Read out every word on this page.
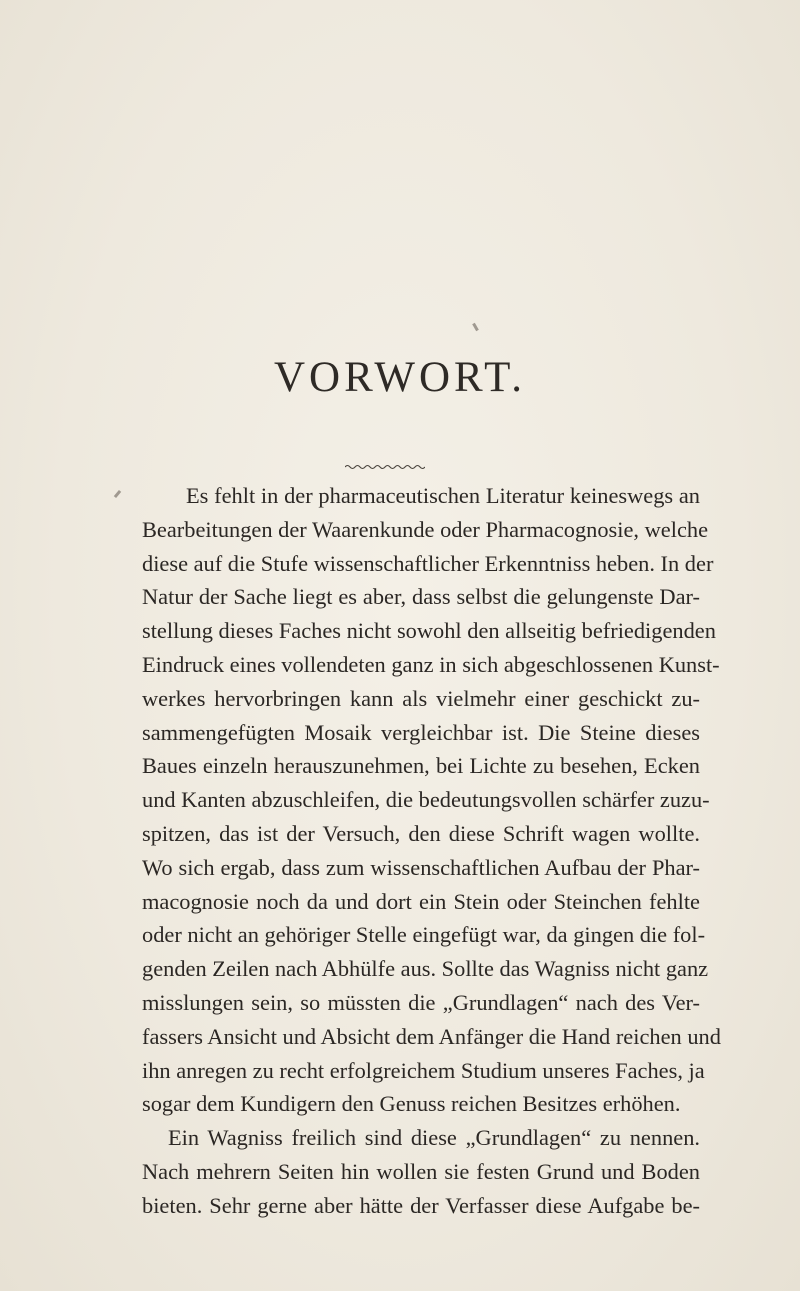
VORWORT.
Es fehlt in der pharmaceutischen Literatur keineswegs an
Bearbeitungen der Waarenkunde oder Pharmacognosie, welche
diese auf die Stufe wissenschaftlicher Erkenntniss heben. In der
Natur der Sache liegt es aber, dass selbst die gelungenste Dar-
stellung dieses Faches nicht sowohl den allseitig befriedigenden
Eindruck eines vollendeten ganz in sich abgeschlossenen Kunst-
werkes hervorbringen kann als vielmehr einer geschickt zu-
sammengefügten Mosaik vergleichbar ist. Die Steine dieses
Baues einzeln herauszunehmen, bei Lichte zu besehen, Ecken
und Kanten abzuschleifen, die bedeutungsvollen schärfer zuzu-
spitzen, das ist der Versuch, den diese Schrift wagen wollte.
Wo sich ergab, dass zum wissenschaftlichen Aufbau der Phar-
macognosie noch da und dort ein Stein oder Steinchen fehlte
oder nicht an gehöriger Stelle eingefügt war, da gingen die fol-
genden Zeilen nach Abhülfe aus. Sollte das Wagniss nicht ganz
misslungen sein, so müssten die „Grundlagen“ nach des Ver-
fassers Ansicht und Absicht dem Anfänger die Hand reichen und
ihn anregen zu recht erfolgreichem Studium unseres Faches, ja
sogar dem Kundigern den Genuss reichen Besitzes erhöhen.
Ein Wagniss freilich sind diese „Grundlagen“ zu nennen.
Nach mehrern Seiten hin wollen sie festen Grund und Boden
bieten. Sehr gerne aber hätte der Verfasser diese Aufgabe be-
